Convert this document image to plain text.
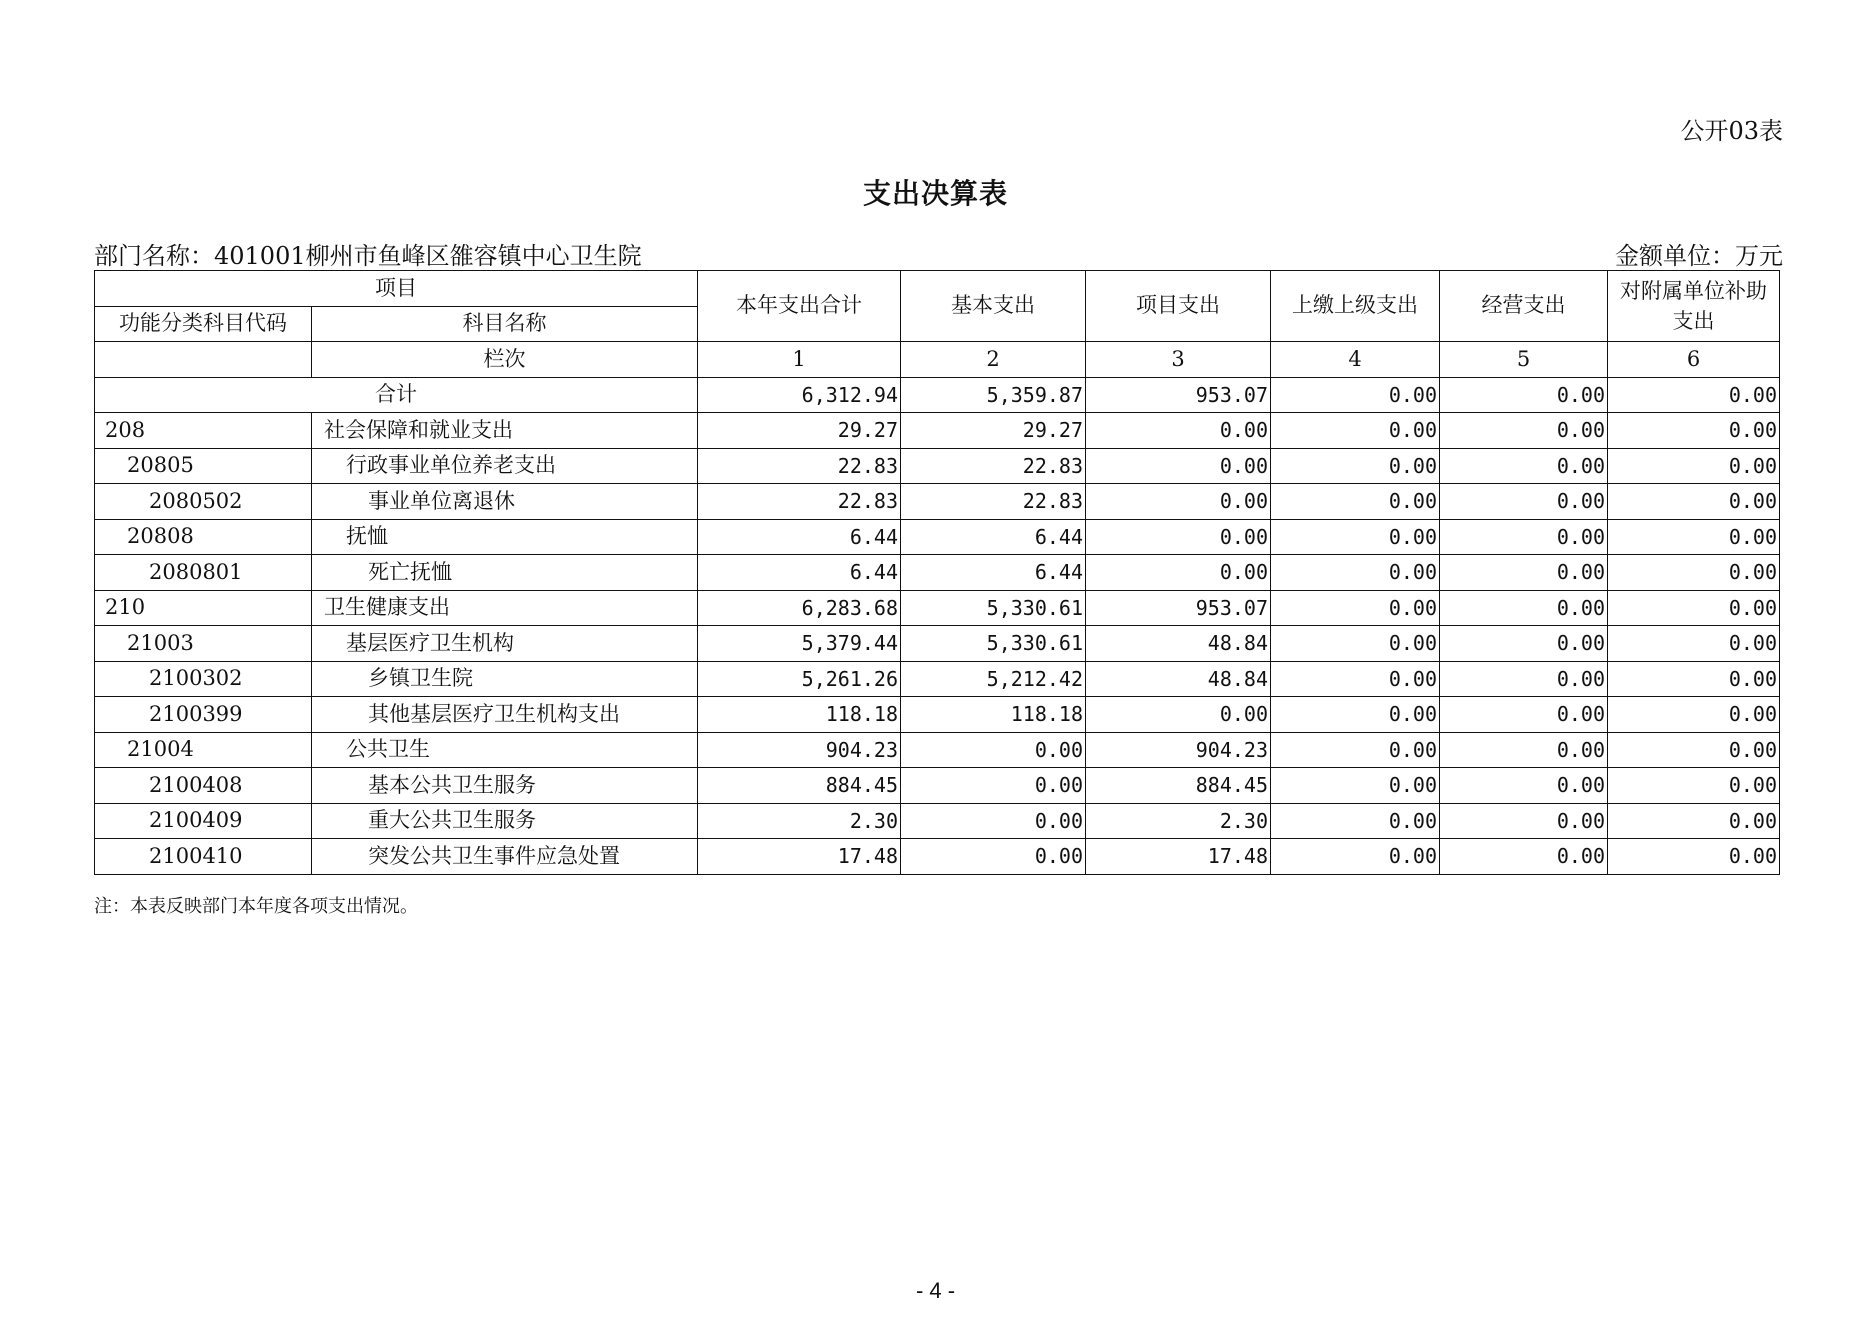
公开03表
支出决算表
部门名称：401001柳州市鱼峰区雒容镇中心卫生院	金额单位：万元
项目		本年支出合计	基本支出	项目支出	上缴上级支出	经营支出	对附属单位补助支出
功能分类科目代码	科目名称						
	栏次	1	2	3	4	5	6
合计		6,312.94	5,359.87	953.07	0.00	0.00	0.00
208	社会保障和就业支出	29.27	29.27	0.00	0.00	0.00	0.00
20805	行政事业单位养老支出	22.83	22.83	0.00	0.00	0.00	0.00
2080502	事业单位离退休	22.83	22.83	0.00	0.00	0.00	0.00
20808	抚恤	6.44	6.44	0.00	0.00	0.00	0.00
2080801	死亡抚恤	6.44	6.44	0.00	0.00	0.00	0.00
210	卫生健康支出	6,283.68	5,330.61	953.07	0.00	0.00	0.00
21003	基层医疗卫生机构	5,379.44	5,330.61	48.84	0.00	0.00	0.00
2100302	乡镇卫生院	5,261.26	5,212.42	48.84	0.00	0.00	0.00
2100399	其他基层医疗卫生机构支出	118.18	118.18	0.00	0.00	0.00	0.00
21004	公共卫生	904.23	0.00	904.23	0.00	0.00	0.00
2100408	基本公共卫生服务	884.45	0.00	884.45	0.00	0.00	0.00
2100409	重大公共卫生服务	2.30	0.00	2.30	0.00	0.00	0.00
2100410	突发公共卫生事件应急处置	17.48	0.00	17.48	0.00	0.00	0.00
注：本表反映部门本年度各项支出情况。
- 4 -
